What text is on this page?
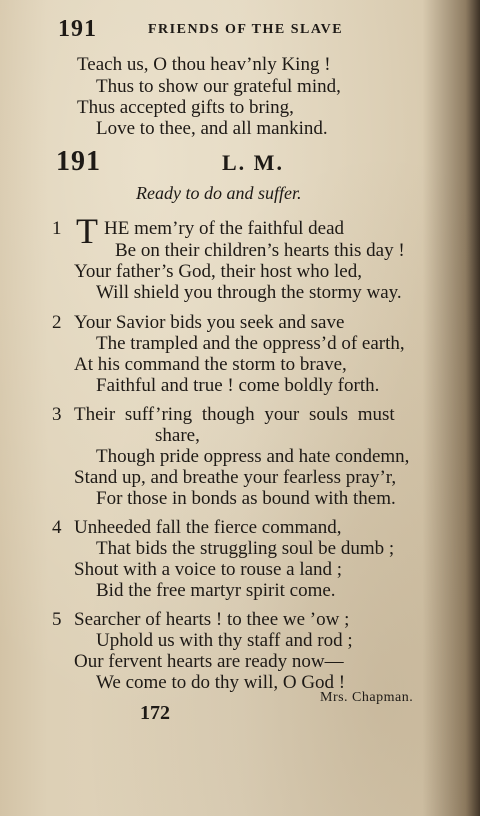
191	FRIENDS OF THE SLAVE
Teach us, O thou heav’nly King !
Thus to show our grateful mind,
Thus accepted gifts to bring,
Love to thee, and all mankind.
191	L. M.
Ready to do and suffer.
1 T HE mem’ry of the faithful dead
Be on their children’s hearts this day !
Your father’s God, their host who led,
Will shield you through the stormy way.
2 Your Savior bids you seek and save
The trampled and the oppress’d of earth,
At his command the storm to brave,
Faithful and true ! come boldly forth.
3 Their suff’ring though your souls must
share,
Though pride oppress and hate condemn,
Stand up, and breathe your fearless pray’r,
For those in bonds as bound with them.
4 Unheeded fall the fierce command,
That bids the struggling soul be dumb ;
Shout with a voice to rouse a land ;
Bid the free martyr spirit come.
5 Searcher of hearts ! to thee we ’ow ;
Uphold us with thy staff and rod ;
Our fervent hearts are ready now—
We come to do thy will, O God !
Mrs. Chapman.
172
